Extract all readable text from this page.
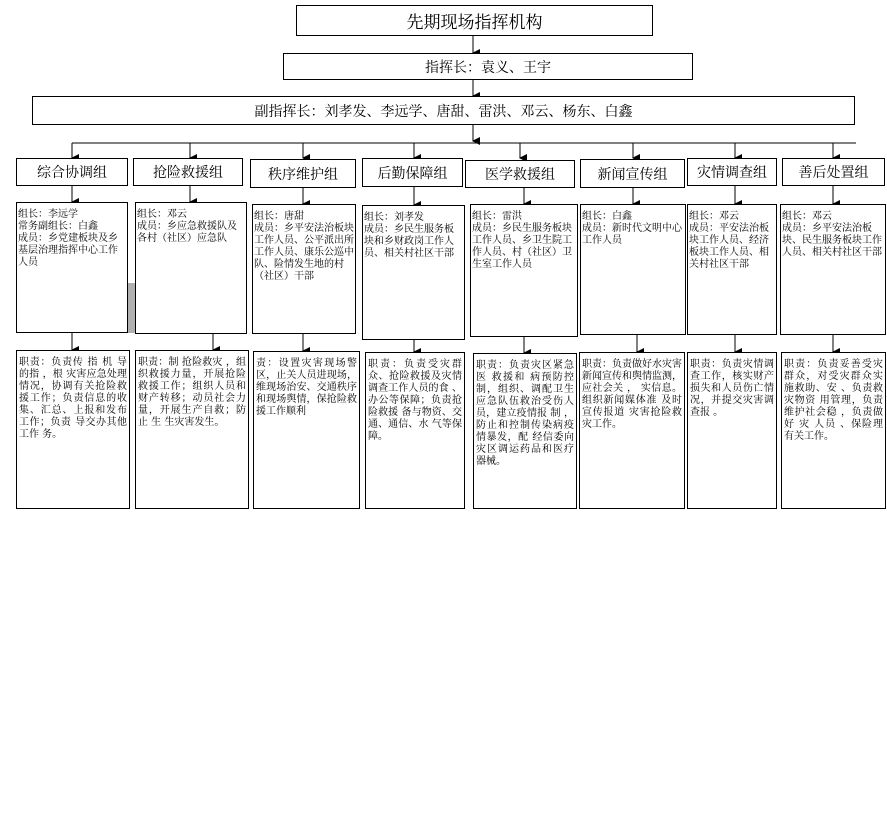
先期现场指挥机构
指挥长：袁义、王宇
副指挥长：刘孝发、李远学、唐甜、雷洪、邓云、杨东、白鑫
综合协调组	抢险救援组	秩序维护组	后勤保障组	医学救援组	新闻宣传组 灾情调查组 善后处置组
组长：李远学
常务副组长：白鑫
成员：乡党建板块及乡基层治理指挥中心工作人员
组长：邓云
成员：乡应急救援队及各村（社区）应急队
组长：唐甜
成员：乡平安法治板块工作人员、公平派出所工作人员、康乐公巡中队、险情发生地的村（社区）干部
组长：刘孝发
成员：乡民生服务板块和乡财政岗工作人员、相关村社区干部
组长：雷洪
成员：乡民生服务板块工作人员、乡卫生院工作人员、村（社区）卫生室工作人员
组长：白鑫
成员：新时代文明中心工作人员
组长：邓云
成员：平安法治板块工作人员、经济板块工作人员、相关村社区干部
组长：邓云
成员：乡平安法治板块、民生服务板块工作人员、相关村社区干部
职责：负责传 指 机 导的指 ，根 灾害应急处理情况，协调有关抢险救援工作；负责信息的收集、汇总、上报和发布工作；负责 导交办其他工作 务。
职责：制 抢险救灾 ，组织救援力量，开展抢险救援工作；组织人员和财产转移；动员社会力量，开展生产自救；防止 生 生灾害发生。
责：设置灾害现场警区，止关人员进现场，维现场治安、交通秩序和现场舆情，保抢险救援工作顺利
职责：负责受灾群众、抢险救援及灾情调查工作人员的食 、办公等保障；负责抢险救援 备与物资、交通、通信、水 气等保障。
职责：负责灾区紧急医 救援和 病预防控制，组织、调配卫生应急队伍救治受伤人员，建立疫情报 制 ，防止和控制传染病疫情暴发，配 经信委向灾区调运药品和医疗器械。
职责：负责做好水灾害新闻宣传和舆情监测， 应社会关 ， 实信息。组织新闻媒体准 及时宣传报道 灾害抢险救灾工作。
职责：负责灾情调查工作，核实财产损失和人员伤亡情况，并提交灾害调查报 。
职责：负责妥善受灾群众，对受灾群众实施救助、安 、负责救灾物资 用管理，负责维护社会稳 ，负责做好 灾 人员 、保险理 有关工作。
